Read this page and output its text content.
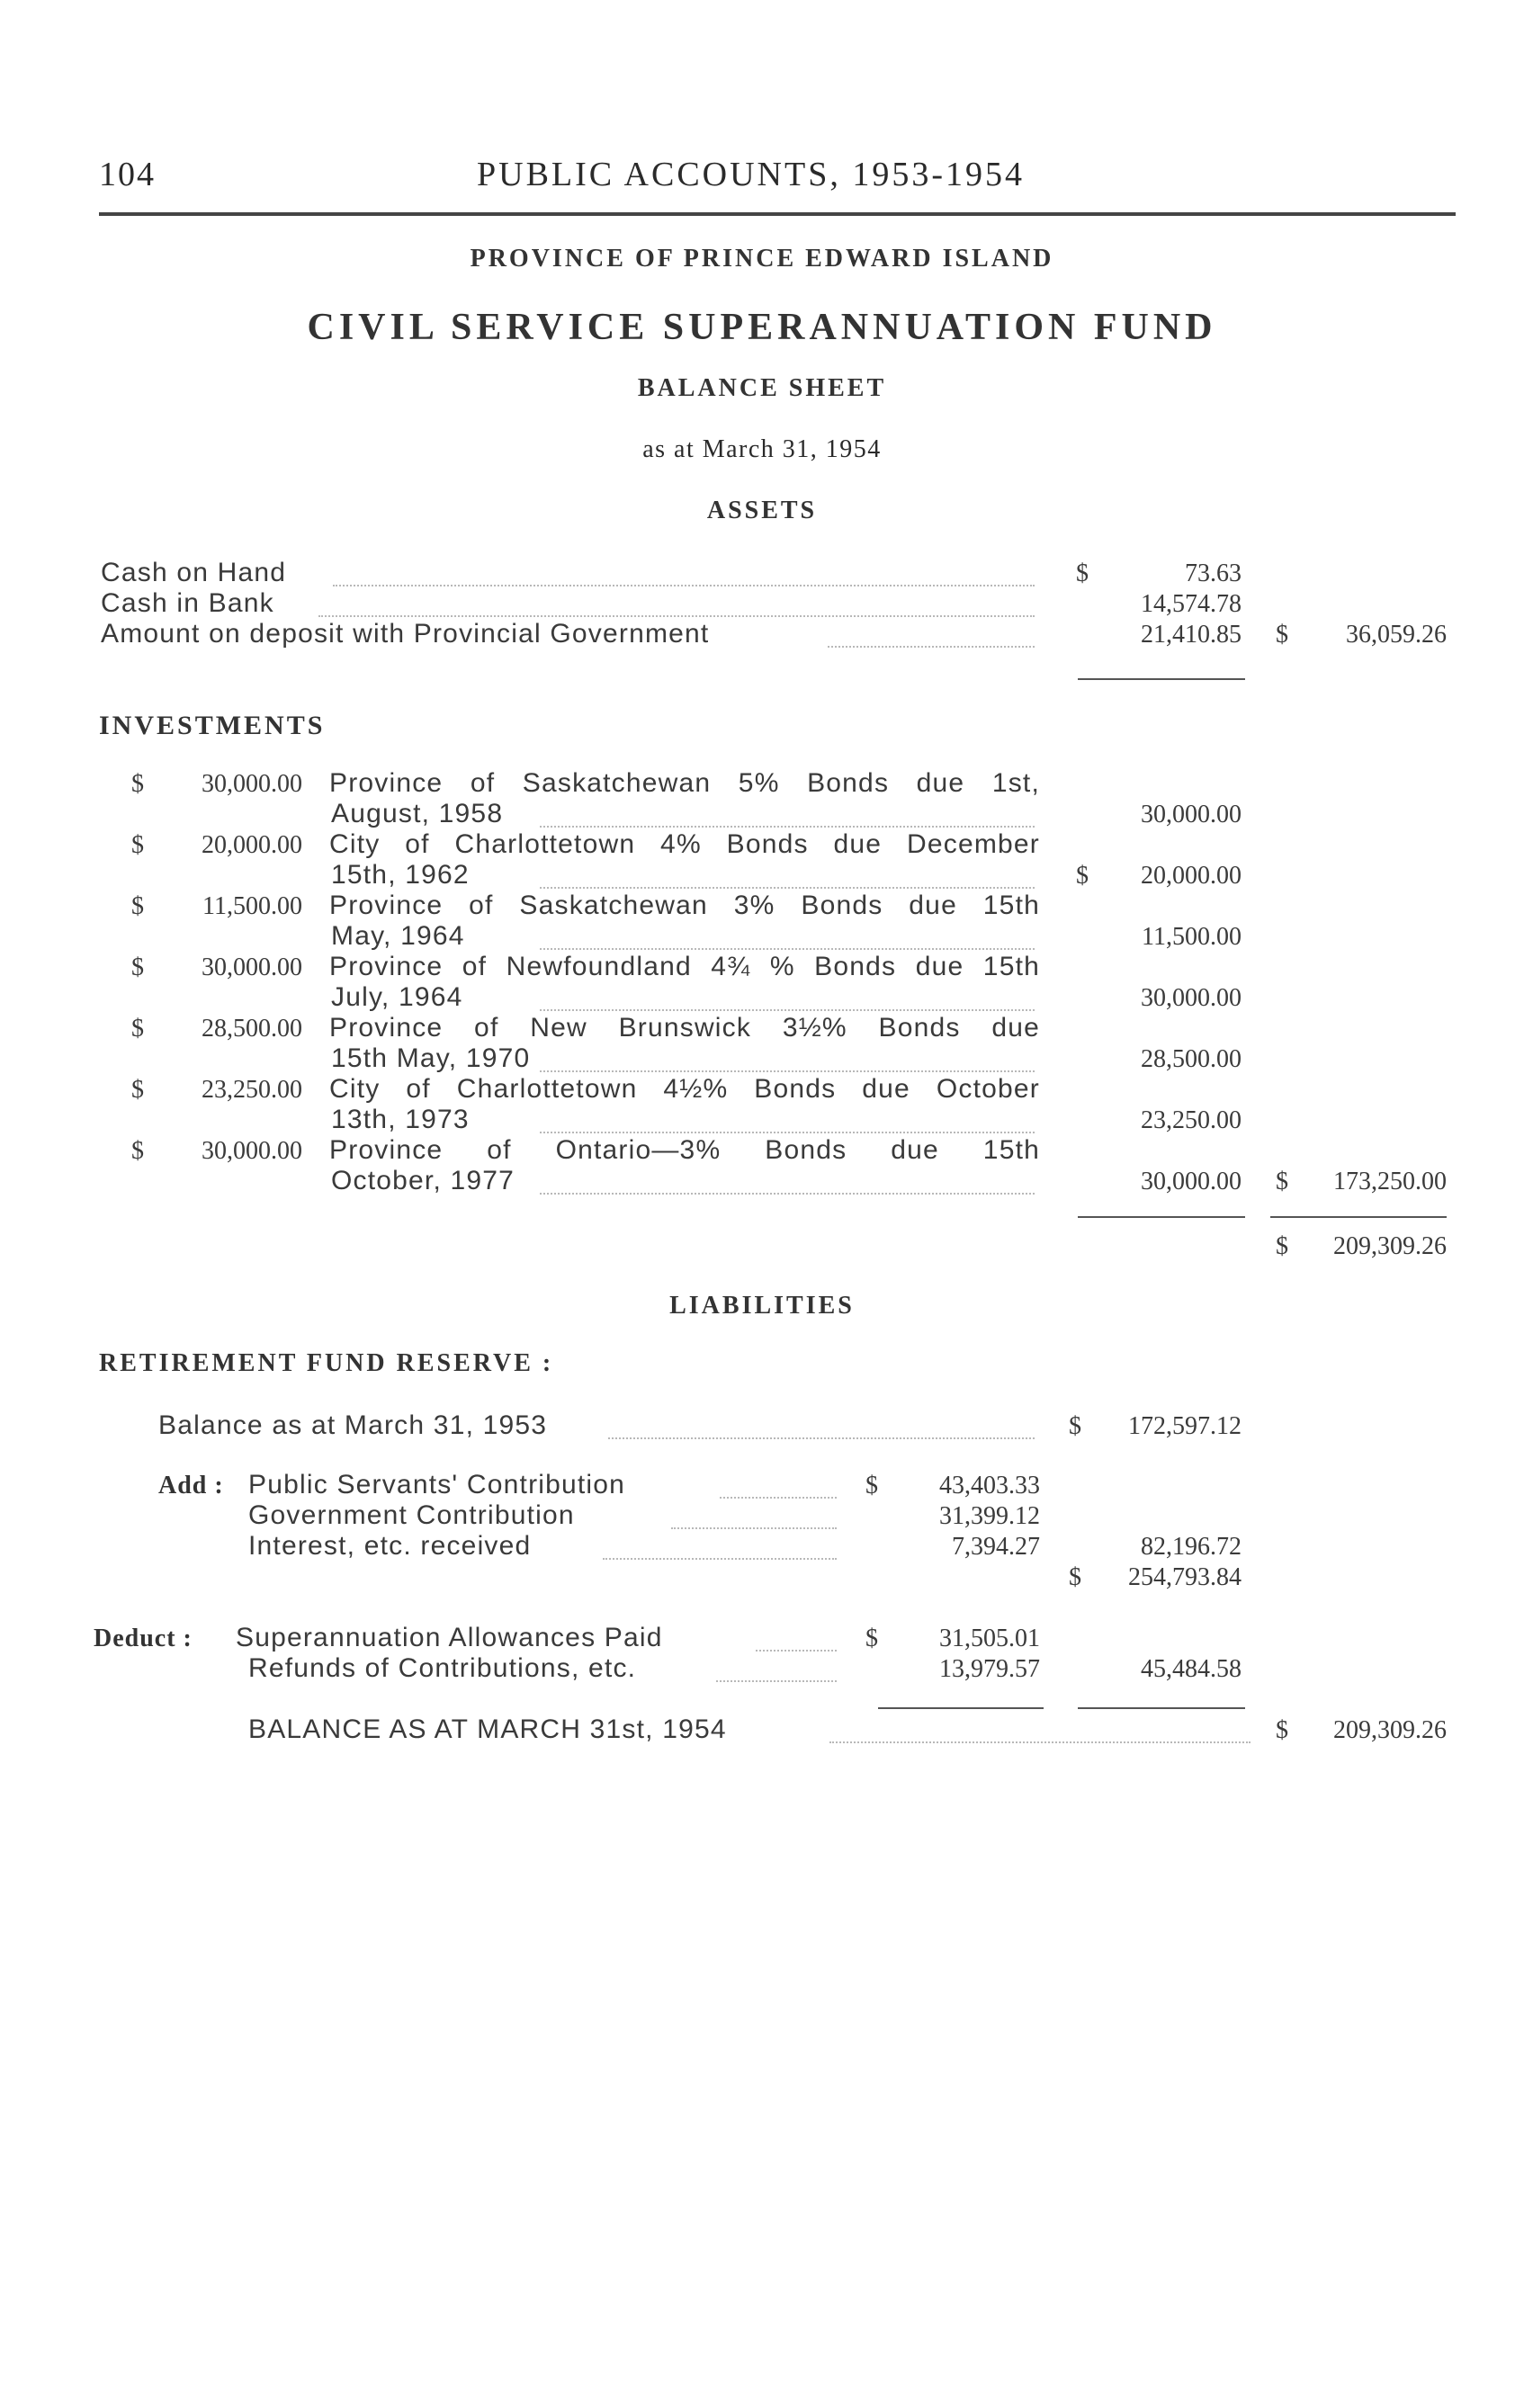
104	PUBLIC ACCOUNTS, 1953-1954
PROVINCE OF PRINCE EDWARD ISLAND
CIVIL SERVICE SUPERANNUATION FUND
BALANCE SHEET
as at March 31, 1954
ASSETS
Cash on Hand	$	73.63
Cash in Bank	14,574.78
Amount on deposit with Provincial Government	21,410.85 $	36,059.26
INVESTMENTS
$	30,000.00 Province of Saskatchewan 5% Bonds due 1st,
August, 1958	30,000.00
$	20,000.00 City of Charlottetown 4% Bonds due December
15th, 1962	$	20,000.00
$	11,500.00 Province of Saskatchewan 3% Bonds due 15th
May, 1964	11,500.00
$	30,000.00 Province of Newfoundland 4¾ % Bonds due 15th
July, 1964	30,000.00
$	28,500.00 Province of New Brunswick 3½% Bonds due
15th May, 1970	28,500.00
$	23,250.00 City of Charlottetown 4½% Bonds due October
13th, 1973	23,250.00
$	30,000.00 Province of Ontario—3% Bonds due 15th
October, 1977	30,000.00 $	173,250.00
$	209,309.26
LIABILITIES
RETIREMENT FUND RESERVE :
Balance as at March 31, 1953	$	172,597.12
Add : Public Servants' Contribution	$	43,403.33
Government Contribution	31,399.12
Interest, etc. received	7,394.27	82,196.72
$	254,793.84
Deduct : Superannuation Allowances Paid	$	31,505.01
Refunds of Contributions, etc.	13,979.57	45,484.58
BALANCE AS AT MARCH 31st, 1954	$	209,309.26
